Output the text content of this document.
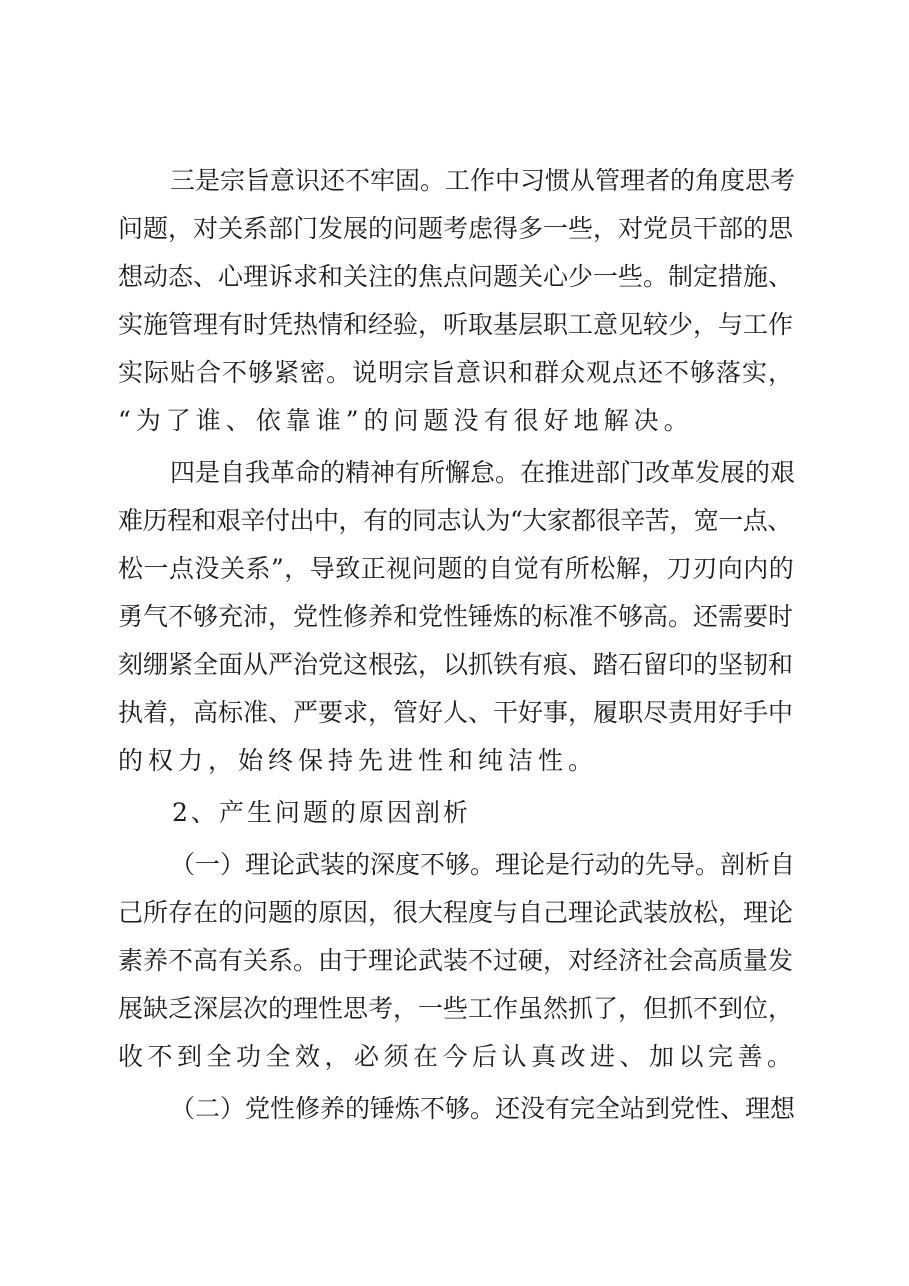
三是宗旨意识还不牢固。工作中习惯从管理者的角度思考

问题，对关系部门发展的问题考虑得多一些，对党员干部的思

想动态、心理诉求和关注的焦点问题关心少一些。制定措施、

实施管理有时凭热情和经验，听取基层职工意见较少，与工作

实际贴合不够紧密。说明宗旨意识和群众观点还不够落实，

“为了谁、依靠谁”的问题没有很好地解决。

四是自我革命的精神有所懈怠。在推进部门改革发展的艰

难历程和艰辛付出中，有的同志认为“大家都很辛苦，宽一点、

松一点没关系”，导致正视问题的自觉有所松解，刀刃向内的

勇气不够充沛，党性修养和党性锤炼的标准不够高。还需要时

刻绷紧全面从严治党这根弦，以抓铁有痕、踏石留印的坚韧和

执着，高标准、严要求，管好人、干好事，履职尽责用好手中

的权力，始终保持先进性和纯洁性。

2、产生问题的原因剖析

（一）理论武装的深度不够。理论是行动的先导。剖析自

己所存在的问题的原因，很大程度与自己理论武装放松，理论

素养不高有关系。由于理论武装不过硬，对经济社会高质量发

展缺乏深层次的理性思考，一些工作虽然抓了，但抓不到位，

收不到全功全效，必须在今后认真改进、加以完善。

（二）党性修养的锤炼不够。还没有完全站到党性、理想
